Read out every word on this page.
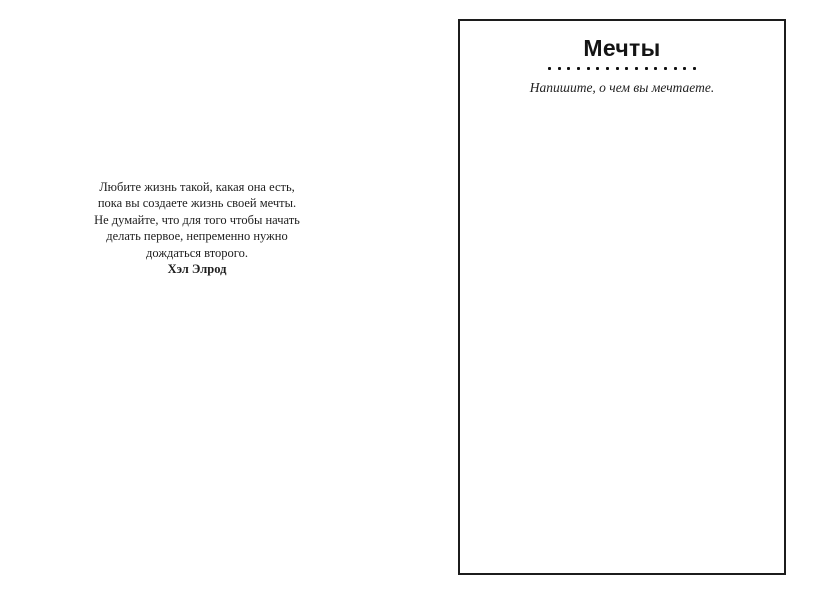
Любите жизнь такой, какая она есть,
пока вы создаете жизнь своей мечты.
Не думайте, что для того чтобы начать
делать первое, непременно нужно
дождаться второго.
Хэл Элрод
Мечты
Напишите, о чем вы мечтаете.
